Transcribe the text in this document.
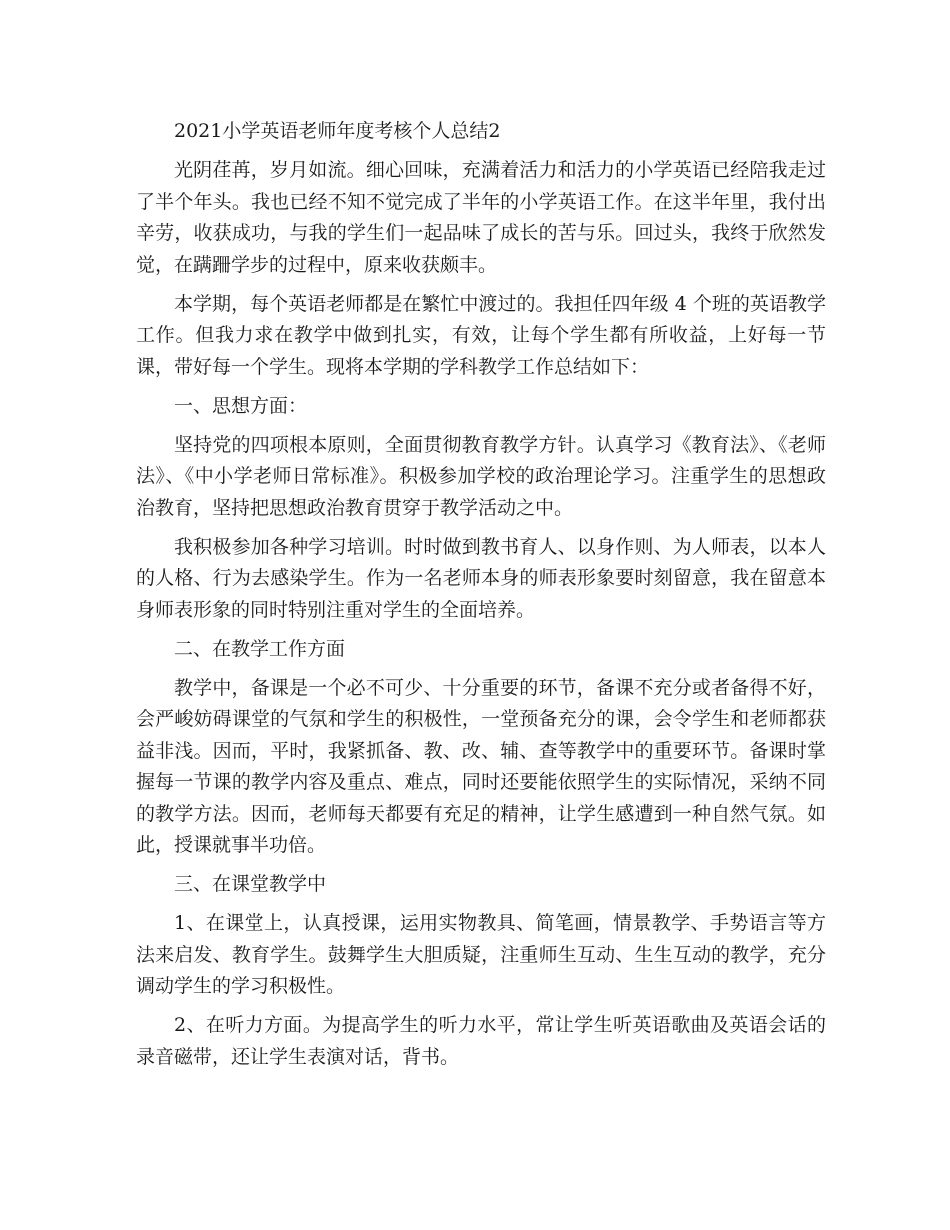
2021小学英语老师年度考核个人总结2

光阴荏苒，岁月如流。细心回味，充满着活力和活力的小学英语已经陪我走过了半个年头。我也已经不知不觉完成了半年的小学英语工作。在这半年里，我付出辛劳，收获成功，与我的学生们一起品味了成长的苦与乐。回过头，我终于欣然发觉，在蹒跚学步的过程中，原来收获颇丰。

本学期，每个英语老师都是在繁忙中渡过的。我担任四年级 4 个班的英语教学工作。但我力求在教学中做到扎实，有效，让每个学生都有所收益，上好每一节课，带好每一个学生。现将本学期的学科教学工作总结如下：

一、思想方面：

坚持党的四项根本原则，全面贯彻教育教学方针。认真学习《教育法》、《老师法》、《中小学老师日常标准》。积极参加学校的政治理论学习。注重学生的思想政治教育，坚持把思想政治教育贯穿于教学活动之中。

我积极参加各种学习培训。时时做到教书育人、以身作则、为人师表，以本人的人格、行为去感染学生。作为一名老师本身的师表形象要时刻留意，我在留意本身师表形象的同时特别注重对学生的全面培养。

二、在教学工作方面

教学中，备课是一个必不可少、十分重要的环节，备课不充分或者备得不好，会严峻妨碍课堂的气氛和学生的积极性，一堂预备充分的课，会令学生和老师都获益非浅。因而，平时，我紧抓备、教、改、辅、查等教学中的重要环节。备课时掌握每一节课的教学内容及重点、难点，同时还要能依照学生的实际情况，采纳不同的教学方法。因而，老师每天都要有充足的精神，让学生感遭到一种自然气氛。如此，授课就事半功倍。

三、在课堂教学中

1、在课堂上，认真授课，运用实物教具、简笔画，情景教学、手势语言等方法来启发、教育学生。鼓舞学生大胆质疑，注重师生互动、生生互动的教学，充分调动学生的学习积极性。

2、在听力方面。为提高学生的听力水平，常让学生听英语歌曲及英语会话的录音磁带，还让学生表演对话，背书。
